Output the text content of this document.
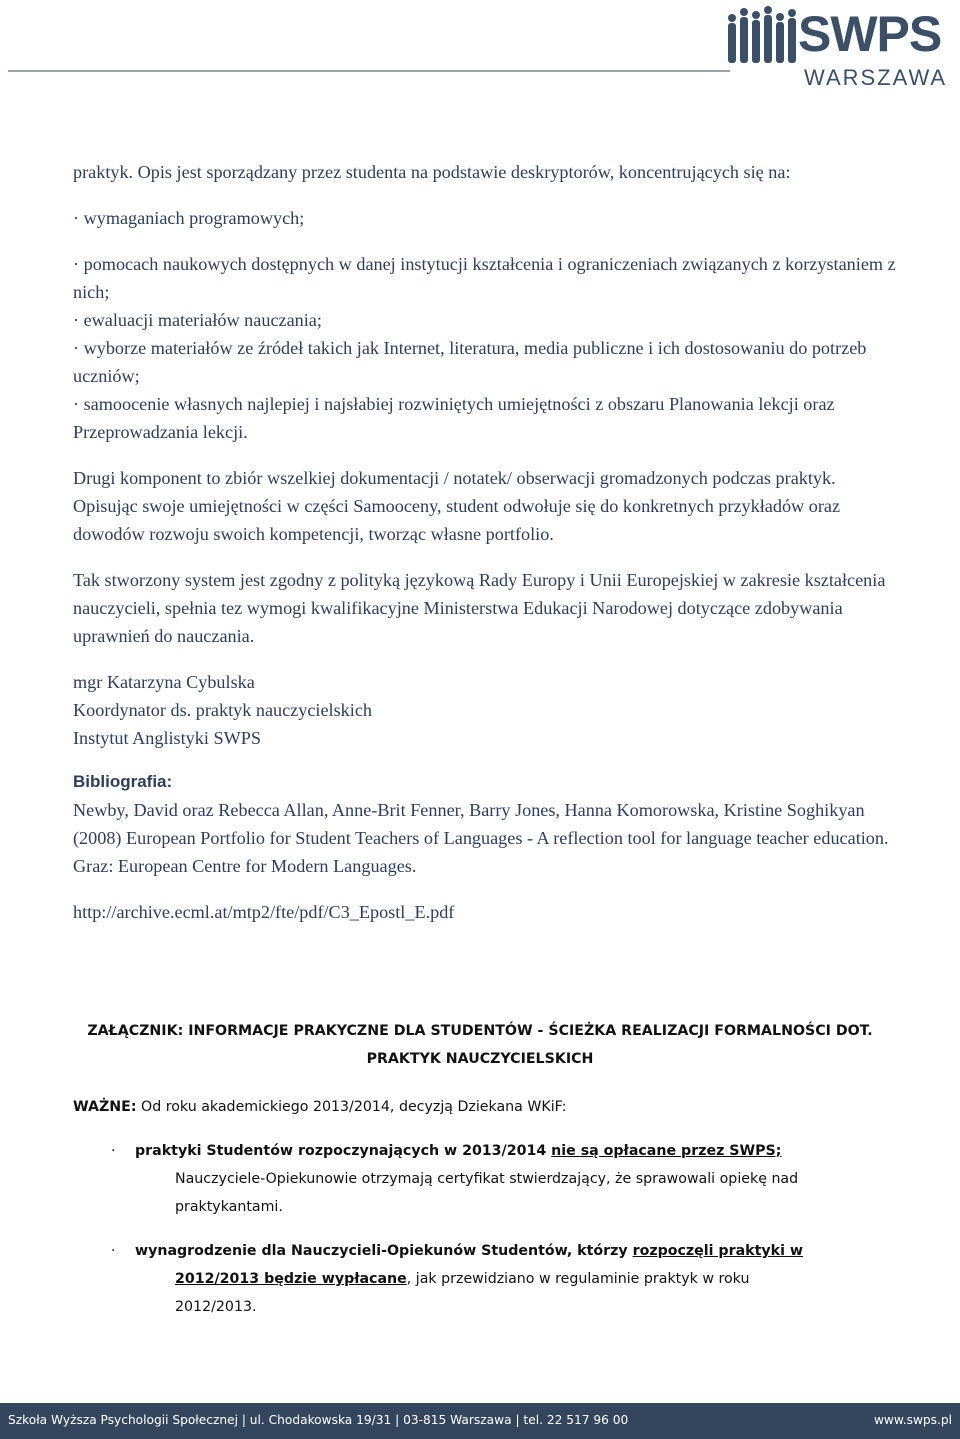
SWPS
WARSZAWA

praktyk. Opis jest sporządzany przez studenta na podstawie deskryptorów, koncentrujących się na:

· wymaganiach programowych;

· pomocach naukowych dostępnych w danej instytucji kształcenia i ograniczeniach związanych z korzystaniem z nich;

· ewaluacji materiałów nauczania;

· wyborze materiałów ze źródeł takich jak Internet, literatura, media publiczne i ich dostosowaniu do potrzeb uczniów;

· samoocenie własnych najlepiej i najsłabiej rozwiniętych umiejętności z obszaru Planowania lekcji oraz Przeprowadzania lekcji.

Drugi komponent to zbiór wszelkiej dokumentacji / notatek/ obserwacji gromadzonych podczas praktyk. Opisując swoje umiejętności w części Samooceny, student odwołuje się do konkretnych przykładów oraz dowodów rozwoju swoich kompetencji, tworząc własne portfolio.

Tak stworzony system jest zgodny z polityką językową Rady Europy i Unii Europejskiej w zakresie kształcenia nauczycieli, spełnia tez wymogi kwalifikacyjne Ministerstwa Edukacji Narodowej dotyczące zdobywania uprawnień do nauczania.

mgr Katarzyna Cybulska

Koordynator ds. praktyk nauczycielskich

Instytut Anglistyki SWPS

Bibliografia:

Newby, David oraz Rebecca Allan, Anne-Brit Fenner, Barry Jones, Hanna Komorowska, Kristine Soghikyan (2008) European Portfolio for Student Teachers of Languages - A reflection tool for language teacher education. Graz: European Centre for Modern Languages.

http://archive.ecml.at/mtp2/fte/pdf/C3_Epostl_E.pdf

ZAŁĄCZNIK: INFORMACJE PRAKYCZNE DLA STUDENTÓW - ŚCIEŻKA REALIZACJI FORMALNOŚCI DOT.

PRAKTYK NAUCZYCIELSKICH

WAŻNE: Od roku akademickiego 2013/2014, decyzją Dziekana WKiF:
· praktyki Studentów rozpoczynających w 2013/2014 nie są opłacane przez SWPS;
Nauczyciele-Opiekunowie otrzymają certyfikat stwierdzający, że sprawowali opiekę nad
praktykantami.
· wynagrodzenie dla Nauczycieli-Opiekunów Studentów, którzy rozpoczęli praktyki w
2012/2013 będzie wypłacane, jak przewidziano w regulaminie praktyk w roku
2012/2013.
Szkoła Wyższa Psychologii Społecznej | ul. Chodakowska 19/31 | 03-815 Warszawa | tel. 22 517 96 00	www.swps.pl
